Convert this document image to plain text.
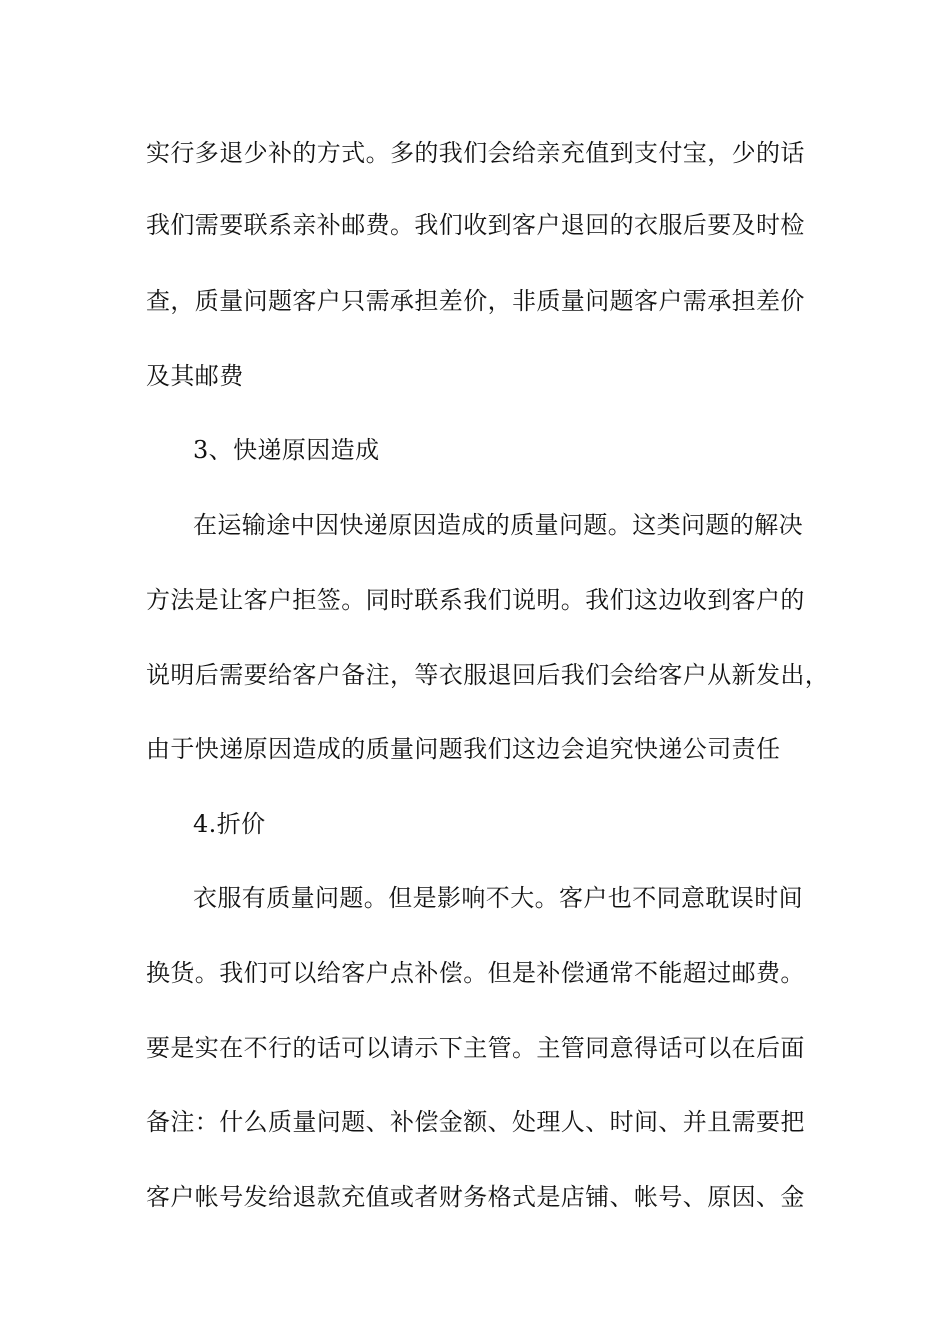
实行多退少补的方式。多的我们会给亲充值到支付宝，少的话
我们需要联系亲补邮费。我们收到客户退回的衣服后要及时检
查，质量问题客户只需承担差价，非质量问题客户需承担差价
及其邮费
3、快递原因造成
在运输途中因快递原因造成的质量问题。这类问题的解决
方法是让客户拒签。同时联系我们说明。我们这边收到客户的
说明后需要给客户备注，等衣服退回后我们会给客户从新发出，
由于快递原因造成的质量问题我们这边会追究快递公司责任
4.折价
衣服有质量问题。但是影响不大。客户也不同意耽误时间
换货。我们可以给客户点补偿。但是补偿通常不能超过邮费。
要是实在不行的话可以请示下主管。主管同意得话可以在后面
备注：什么质量问题、补偿金额、处理人、时间、并且需要把
客户帐号发给退款充值或者财务格式是店铺、帐号、原因、金
